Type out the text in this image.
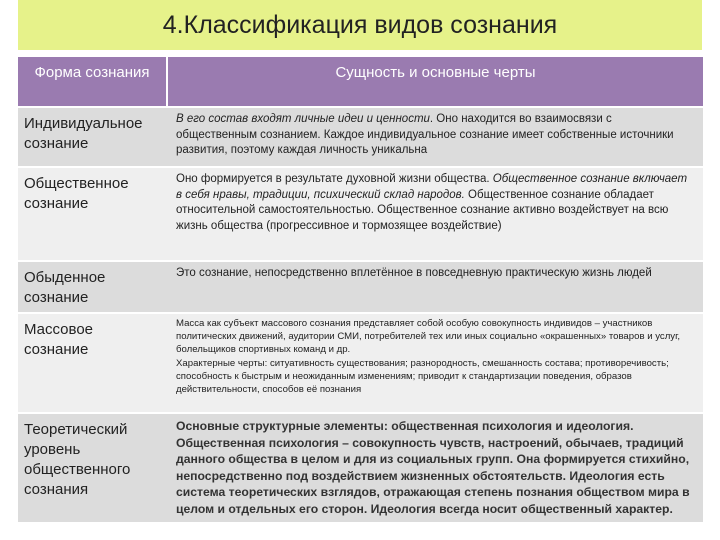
4.Классификация видов сознания
Форма сознания	Сущность и основные черты
Индивидуальное сознание
В его состав входят личные идеи и ценности. Оно находится во взаимосвязи с общественным сознанием. Каждое индивидуальное сознание имеет собственные источники развития, поэтому каждая личность уникальна
Общественное сознание
Оно формируется в результате духовной жизни общества. Общественное сознание включает в себя нравы, традиции, психический склад народов. Общественное сознание обладает относительной самостоятельностью. Общественное сознание активно воздействует на всю жизнь общества (прогрессивное и тормозящее воздействие)
Обыденное сознание
Это сознание, непосредственно вплетённое в повседневную практическую жизнь людей
Массовое сознание
Масса как субъект массового сознания представляет собой особую совокупность индивидов – участников политических движений, аудитории СМИ, потребителей тех или иных социально «окрашенных» товаров и услуг, болельщиков спортивных команд и др.
Характерные черты: ситуативность существования; разнородность, смешанность состава; противоречивость; способность к быстрым и неожиданным изменениям; приводит к стандартизации поведения, образов действительности, способов её познания
Теоретический уровень общественного сознания
Основные структурные элементы: общественная психология и идеология. Общественная психология – совокупность чувств, настроений, обычаев, традиций данного общества в целом и для из социальных групп. Она формируется стихийно, непосредственно под воздействием жизненных обстоятельств. Идеология есть система теоретических взглядов, отражающая степень познания обществом мира в целом и отдельных его сторон. Идеология всегда носит общественный характер.
